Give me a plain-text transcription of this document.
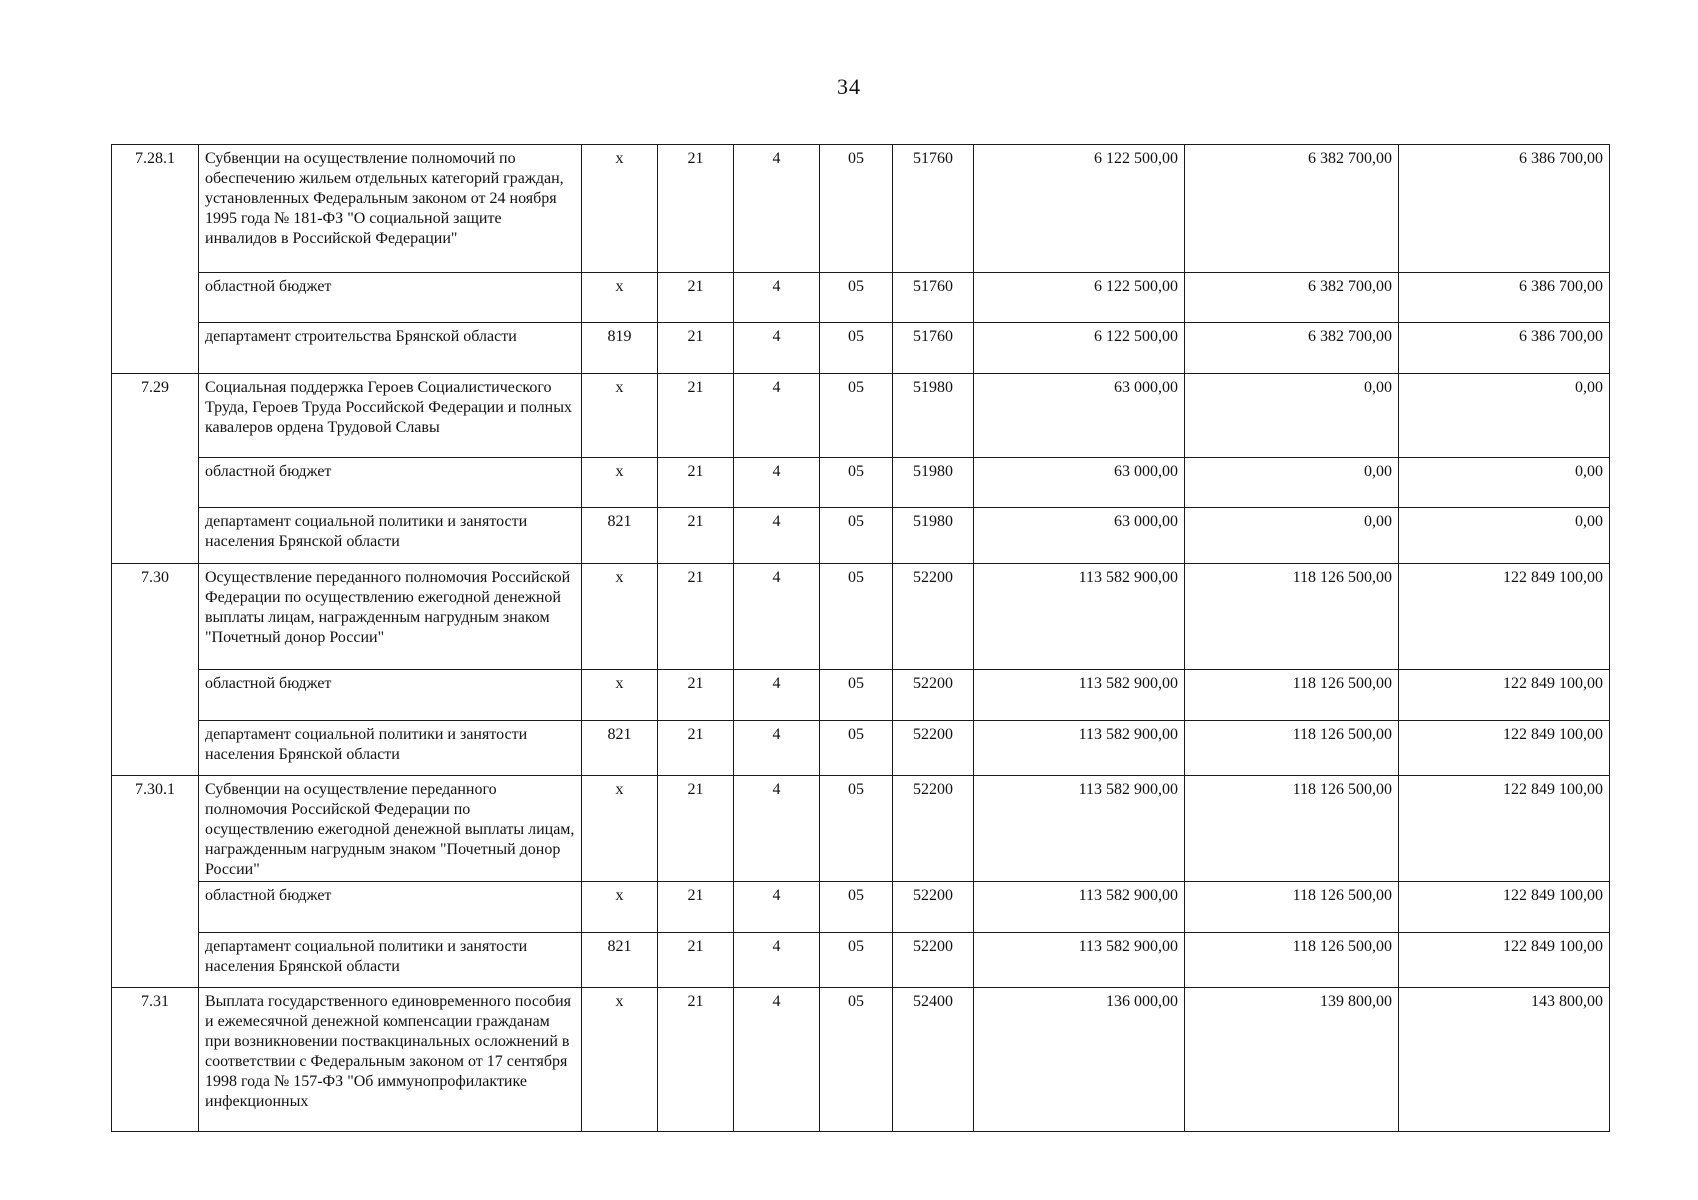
34
7.28.1	Субвенции на осуществление полномочий по обеспечению жильем отдельных категорий граждан, установленных Федеральным законом от 24 ноября 1995 года № 181-ФЗ "О социальной защите инвалидов в Российской Федерации"	х	21	4	05	51760	6 122 500,00	6 382 700,00	6 386 700,00
	областной бюджет	х	21	4	05	51760	6 122 500,00	6 382 700,00	6 386 700,00
	департамент строительства Брянской области	819	21	4	05	51760	6 122 500,00	6 382 700,00	6 386 700,00
7.29	Социальная поддержка Героев Социалистического Труда, Героев Труда Российской Федерации и полных кавалеров ордена Трудовой Славы	х	21	4	05	51980	63 000,00	0,00	0,00
	областной бюджет	х	21	4	05	51980	63 000,00	0,00	0,00
	департамент социальной политики и занятости населения Брянской области	821	21	4	05	51980	63 000,00	0,00	0,00
7.30	Осуществление переданного полномочия Российской Федерации по осуществлению ежегодной денежной выплаты лицам, награжденным нагрудным знаком "Почетный донор России"	х	21	4	05	52200	113 582 900,00	118 126 500,00	122 849 100,00
	областной бюджет	х	21	4	05	52200	113 582 900,00	118 126 500,00	122 849 100,00
	департамент социальной политики и занятости населения Брянской области	821	21	4	05	52200	113 582 900,00	118 126 500,00	122 849 100,00
7.30.1	Субвенции на осуществление переданного полномочия Российской Федерации по осуществлению ежегодной денежной выплаты лицам, награжденным нагрудным знаком "Почетный донор России"	х	21	4	05	52200	113 582 900,00	118 126 500,00	122 849 100,00
	областной бюджет	х	21	4	05	52200	113 582 900,00	118 126 500,00	122 849 100,00
	департамент социальной политики и занятости населения Брянской области	821	21	4	05	52200	113 582 900,00	118 126 500,00	122 849 100,00
7.31	Выплата государственного единовременного пособия и ежемесячной денежной компенсации гражданам при возникновении поствакцинальных осложнений в соответствии с Федеральным законом от 17 сентября 1998 года № 157-ФЗ "Об иммунопрофилактике инфекционных	х	21	4	05	52400	136 000,00	139 800,00	143 800,00
